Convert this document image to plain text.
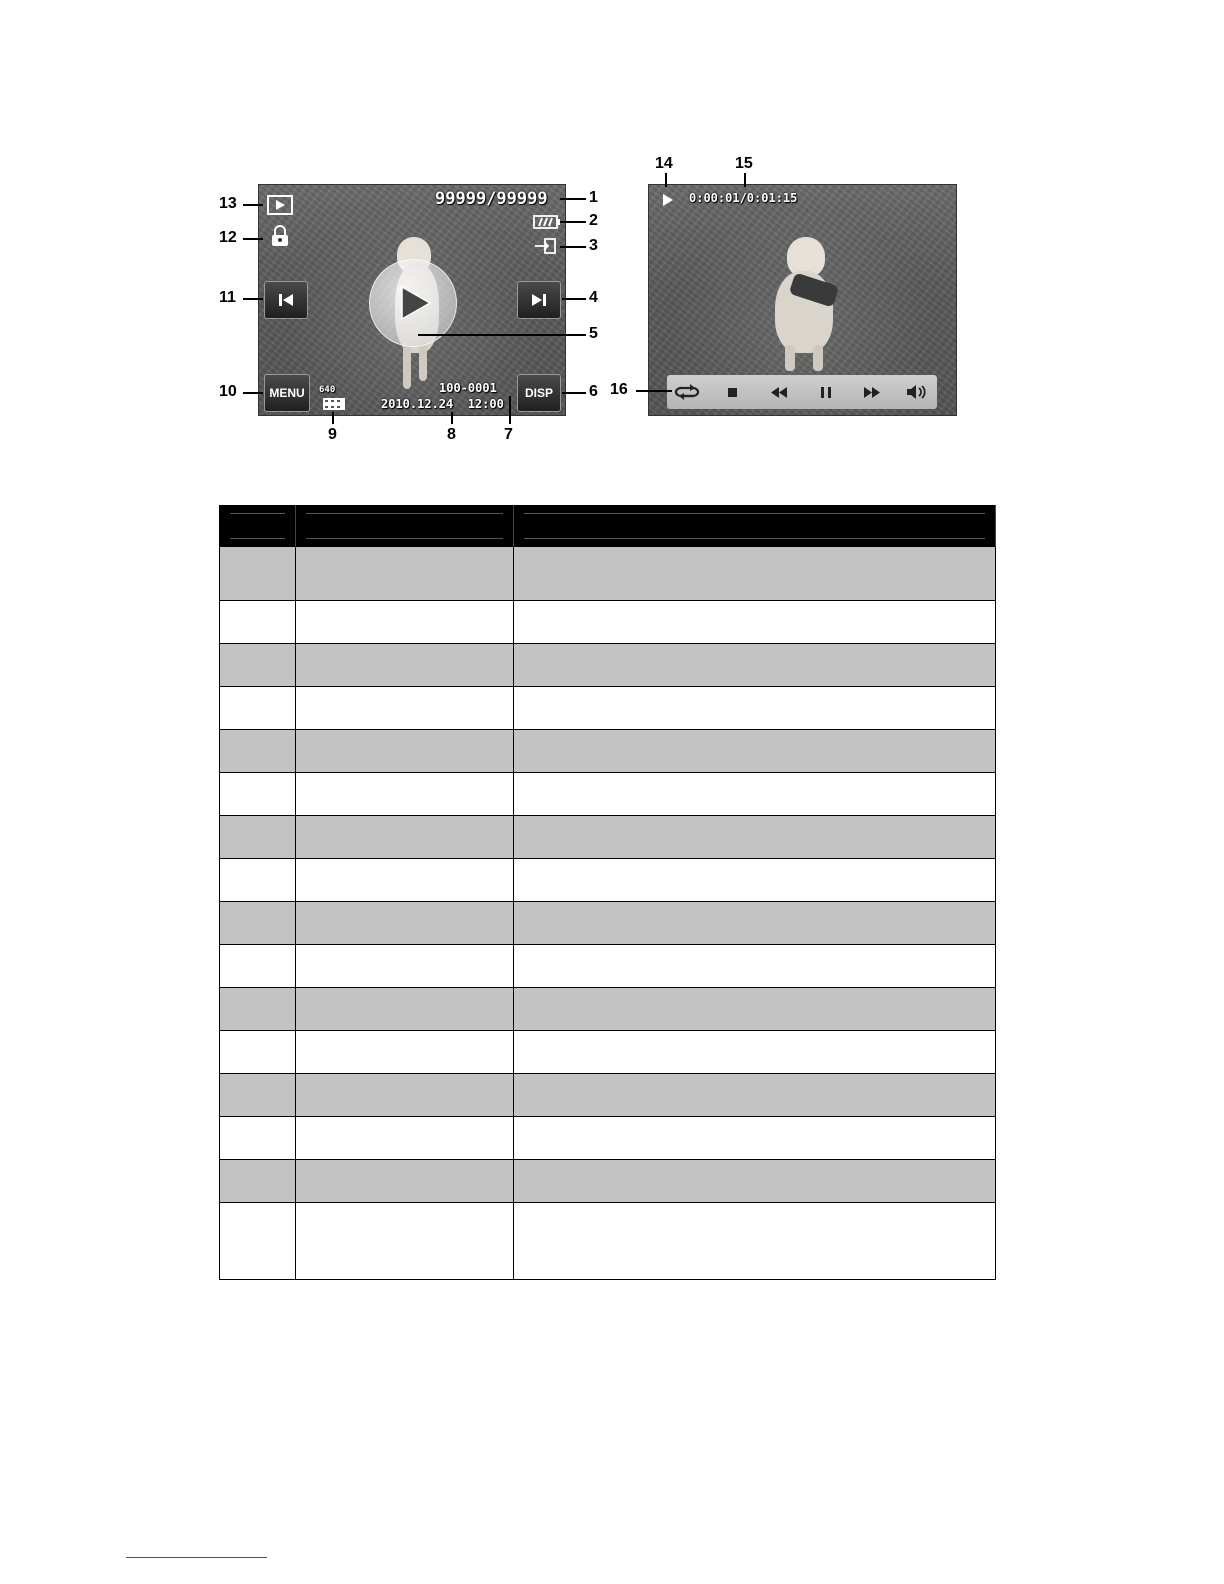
99999/99999
MENU	DISP
640	100-0001
2010.12.24  12:00
0:00:01/0:01:15
1
2
3
4
5
6
7
8
9
10
11
12
13
14	15
16
